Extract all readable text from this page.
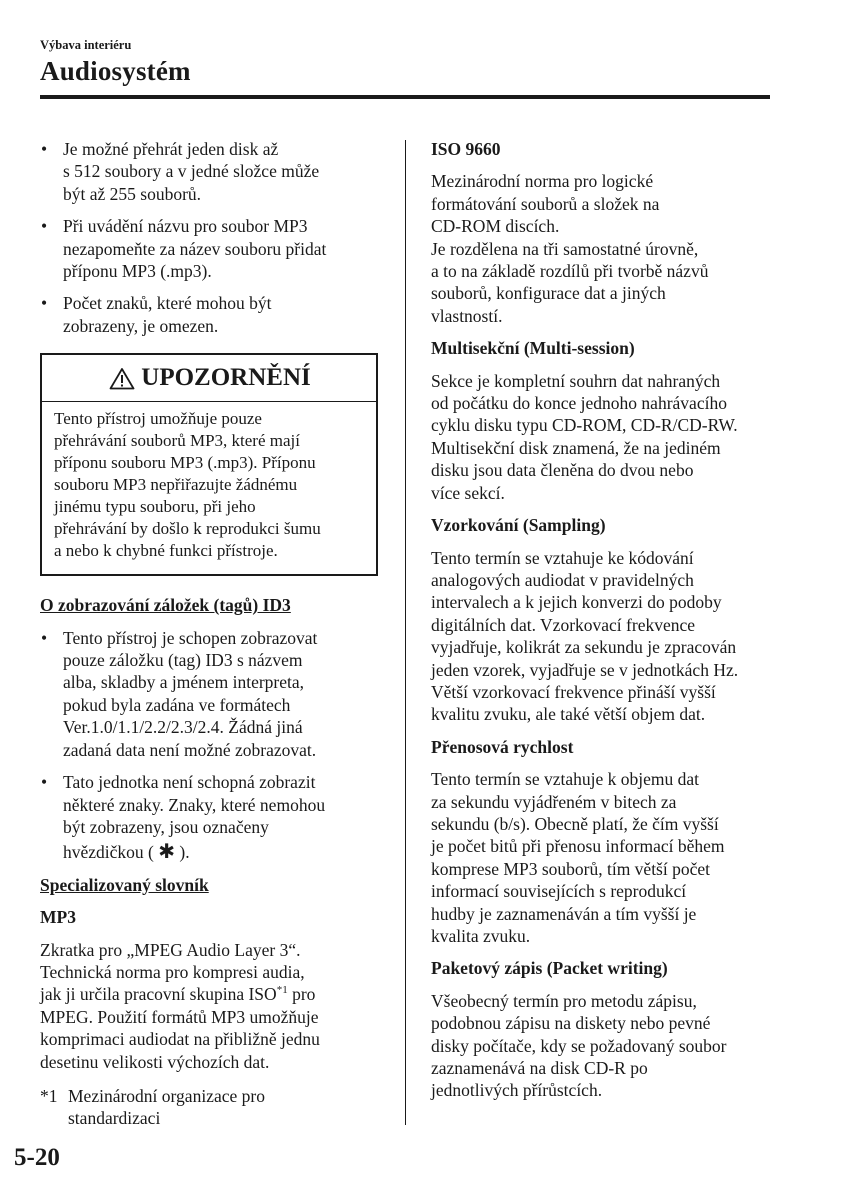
Výbava interiéru
Audiosystém
• Je možné přehrát jeden disk až
s 512 soubory a v jedné složce může
být až 255 souborů.
• Při uvádění názvu pro soubor MP3
nezapomeňte za název souboru přidat
příponu MP3 (.mp3).
• Počet znaků, které mohou být
zobrazeny, je omezen.
UPOZORNĚNÍ
Tento přístroj umožňuje pouze
přehrávání souborů MP3, které mají
příponu souboru MP3 (.mp3). Příponu
souboru MP3 nepřiřazujte žádnému
jinému typu souboru, při jeho
přehrávání by došlo k reprodukci šumu
a nebo k chybné funkci přístroje.
O zobrazování záložek (tagů) ID3
• Tento přístroj je schopen zobrazovat
pouze záložku (tag) ID3 s názvem
alba, skladby a jménem interpreta,
pokud byla zadána ve formátech
Ver.1.0/1.1/2.2/2.3/2.4. Žádná jiná
zadaná data není možné zobrazovat.
• Tato jednotka není schopná zobrazit
některé znaky. Znaky, které nemohou
být zobrazeny, jsou označeny
hvězdičkou ( ✱ ).
Specializovaný slovník
MP3
Zkratka pro „MPEG Audio Layer 3“.
Technická norma pro kompresi audia,
jak ji určila pracovní skupina ISO$^{*1}$ pro
MPEG. Použití formátů MP3 umožňuje
komprimaci audiodat na přibližně jednu
desetinu velikosti výchozích dat.
*1 Mezinárodní organizace pro
standardizaci
ISO 9660
Mezinárodní norma pro logické
formátování souborů a složek na
CD-ROM discích.
Je rozdělena na tři samostatné úrovně,
a to na základě rozdílů při tvorbě názvů
souborů, konfigurace dat a jiných
vlastností.
Multisekční (Multi-session)
Sekce je kompletní souhrn dat nahraných
od počátku do konce jednoho nahrávacího
cyklu disku typu CD-ROM, CD-R/CD-RW.
Multisekční disk znamená, že na jediném
disku jsou data členěna do dvou nebo
více sekcí.
Vzorkování (Sampling)
Tento termín se vztahuje ke kódování
analogových audiodat v pravidelných
intervalech a k jejich konverzi do podoby
digitálních dat. Vzorkovací frekvence
vyjadřuje, kolikrát za sekundu je zpracován
jeden vzorek, vyjadřuje se v jednotkách Hz.
Větší vzorkovací frekvence přináší vyšší
kvalitu zvuku, ale také větší objem dat.
Přenosová rychlost
Tento termín se vztahuje k objemu dat
za sekundu vyjádřeném v bitech za
sekundu (b/s). Obecně platí, že čím vyšší
je počet bitů při přenosu informací během
komprese MP3 souborů, tím větší počet
informací souvisejících s reprodukcí
hudby je zaznamenáván a tím vyšší je
kvalita zvuku.
Paketový zápis (Packet writing)
Všeobecný termín pro metodu zápisu,
podobnou zápisu na diskety nebo pevné
disky počítače, kdy se požadovaný soubor
zaznamenává na disk CD-R po
jednotlivých přírůstcích.
5-20
